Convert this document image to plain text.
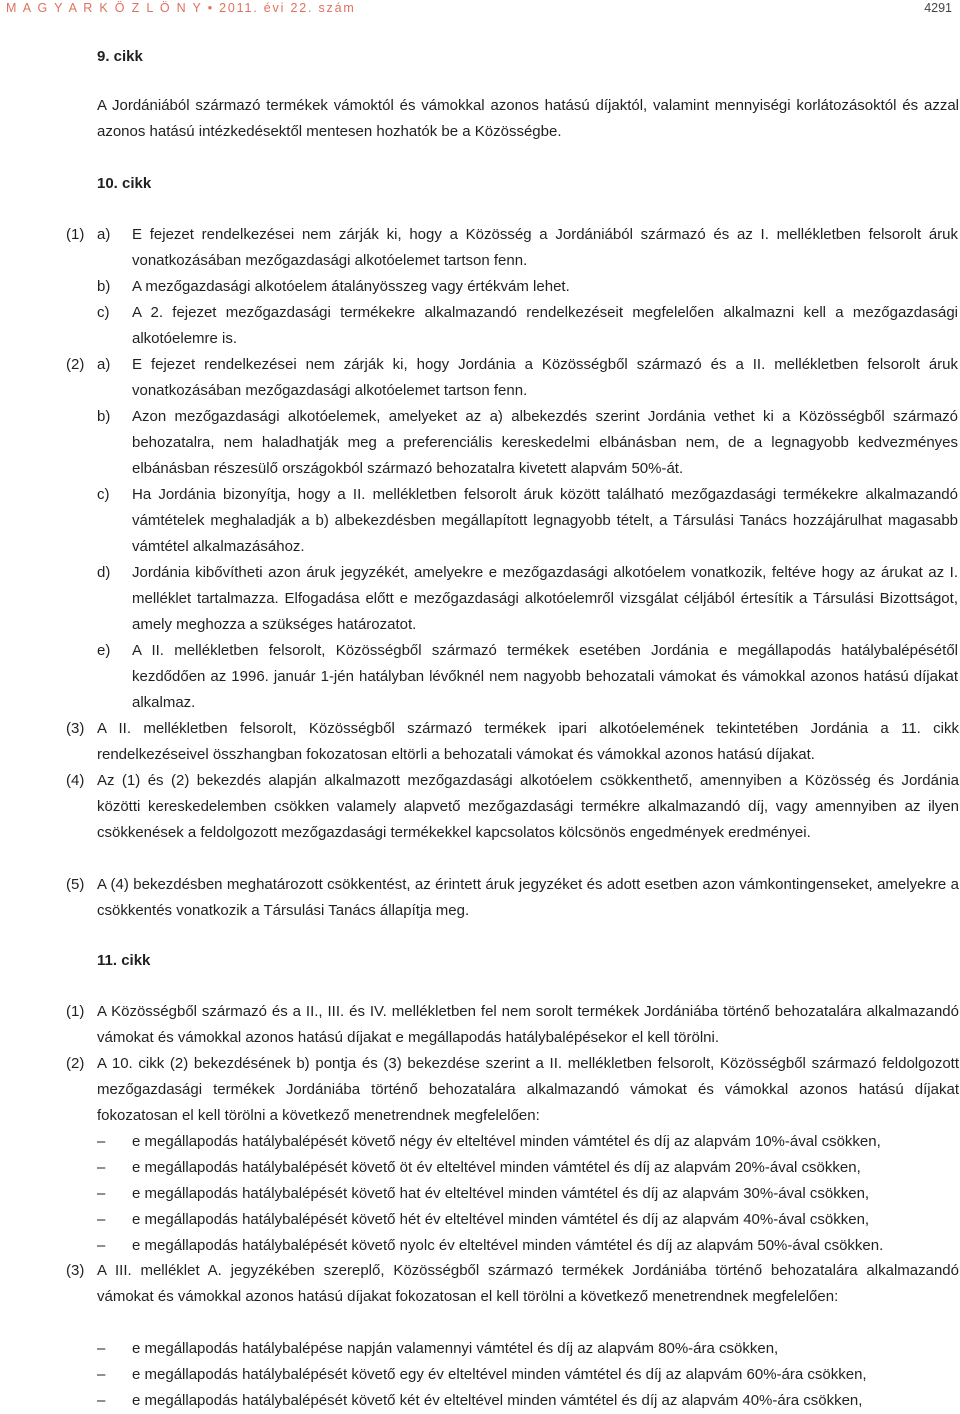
M A G Y A R K Ö Z L Ö N Y • 2011. évi 22. szám	4291
9. cikk
A Jordániából származó termékek vámoktól és vámokkal azonos hatású díjaktól, valamint mennyiségi korlátozásoktól és azzal azonos hatású intézkedésektől mentesen hozhatók be a Közösségbe.
10. cikk
(1) a) E fejezet rendelkezései nem zárják ki, hogy a Közösség a Jordániából származó és az I. mellékletben felsorolt áruk vonatkozásában mezőgazdasági alkotóelemet tartson fenn.
b) A mezőgazdasági alkotóelem átalányösszeg vagy értékvám lehet.
c) A 2. fejezet mezőgazdasági termékekre alkalmazandó rendelkezéseit megfelelően alkalmazni kell a mezőgazdasági alkotóelemre is.
(2) a) E fejezet rendelkezései nem zárják ki, hogy Jordánia a Közösségből származó és a II. mellékletben felsorolt áruk vonatkozásában mezőgazdasági alkotóelemet tartson fenn.
b) Azon mezőgazdasági alkotóelemek, amelyeket az a) albekezdés szerint Jordánia vethet ki a Közösségből származó behozatalra, nem haladhatják meg a preferenciális kereskedelmi elbánásban nem, de a legnagyobb kedvezményes elbánásban részesülő országokból származó behozatalra kivetett alapvám 50%-át.
c) Ha Jordánia bizonyítja, hogy a II. mellékletben felsorolt áruk között található mezőgazdasági termékekre alkalmazandó vámtételek meghaladják a b) albekezdésben megállapított legnagyobb tételt, a Társulási Tanács hozzájárulhat magasabb vámtétel alkalmazásához.
d) Jordánia kibővítheti azon áruk jegyzékét, amelyekre e mezőgazdasági alkotóelem vonatkozik, feltéve hogy az árukat az I. melléklet tartalmazza. Elfogadása előtt e mezőgazdasági alkotóelemről vizsgálat céljából értesítik a Társulási Bizottságot, amely meghozza a szükséges határozatot.
e) A II. mellékletben felsorolt, Közösségből származó termékek esetében Jordánia e megállapodás hatálybalépésétől kezdődően az 1996. január 1-jén hatályban lévőknél nem nagyobb behozatali vámokat és vámokkal azonos hatású díjakat alkalmaz.
(3) A II. mellékletben felsorolt, Közösségből származó termékek ipari alkotóelemének tekintetében Jordánia a 11. cikk rendelkezéseivel összhangban fokozatosan eltörli a behozatali vámokat és vámokkal azonos hatású díjakat.
(4) Az (1) és (2) bekezdés alapján alkalmazott mezőgazdasági alkotóelem csökkenthető, amennyiben a Közösség és Jordánia közötti kereskedelemben csökken valamely alapvető mezőgazdasági termékre alkalmazandó díj, vagy amennyiben az ilyen csökkenések a feldolgozott mezőgazdasági termékekkel kapcsolatos kölcsönös engedmények eredményei.
(5) A (4) bekezdésben meghatározott csökkentést, az érintett áruk jegyzéket és adott esetben azon vámkontingenseket, amelyekre a csökkentés vonatkozik a Társulási Tanács állapítja meg.
11. cikk
(1) A Közösségből származó és a II., III. és IV. mellékletben fel nem sorolt termékek Jordániába történő behozatalára alkalmazandó vámokat és vámokkal azonos hatású díjakat e megállapodás hatálybalépésekor el kell törölni.
(2) A 10. cikk (2) bekezdésének b) pontja és (3) bekezdése szerint a II. mellékletben felsorolt, Közösségből származó feldolgozott mezőgazdasági termékek Jordániába történő behozatalára alkalmazandó vámokat és vámokkal azonos hatású díjakat fokozatosan el kell törölni a következő menetrendnek megfelelően:
– e megállapodás hatálybalépését követő négy év elteltével minden vámtétel és díj az alapvám 10%-ával csökken,
– e megállapodás hatálybalépését követő öt év elteltével minden vámtétel és díj az alapvám 20%-ával csökken,
– e megállapodás hatálybalépését követő hat év elteltével minden vámtétel és díj az alapvám 30%-ával csökken,
– e megállapodás hatálybalépését követő hét év elteltével minden vámtétel és díj az alapvám 40%-ával csökken,
– e megállapodás hatálybalépését követő nyolc év elteltével minden vámtétel és díj az alapvám 50%-ával csökken.
(3) A III. melléklet A. jegyzékében szereplő, Közösségből származó termékek Jordániába történő behozatalára alkalmazandó vámokat és vámokkal azonos hatású díjakat fokozatosan el kell törölni a következő menetrendnek megfelelően:
– e megállapodás hatálybalépése napján valamennyi vámtétel és díj az alapvám 80%-ára csökken,
– e megállapodás hatálybalépését követő egy év elteltével minden vámtétel és díj az alapvám 60%-ára csökken,
– e megállapodás hatálybalépését követő két év elteltével minden vámtétel és díj az alapvám 40%-ára csökken,
